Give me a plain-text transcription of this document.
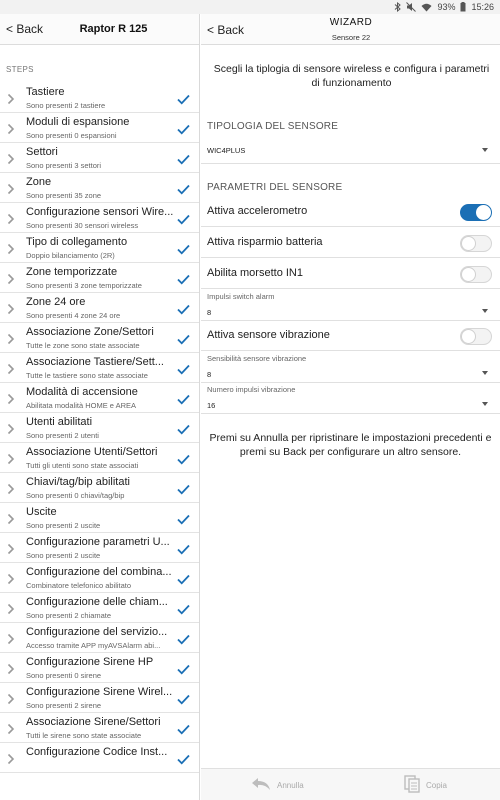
93% 15:26
< Back	Raptor R 125
STEPS
Tastiere
Sono presenti 2 tastiere
Moduli di espansione
Sono presenti 0 espansioni
Settori
Sono presenti 3 settori
Zone
Sono presenti 35 zone
Configurazione sensori Wire...
Sono presenti 30 sensori wireless
Tipo di collegamento
Doppio bilanciamento (2R)
Zone temporizzate
Sono presenti 3 zone temporizzate
Zone 24 ore
Sono presenti 4 zone 24 ore
Associazione Zone/Settori
Tutte le zone sono state associate
Associazione Tastiere/Sett...
Tutte le tastiere sono state associate
Modalità di accensione
Abilitata modalità HOME e AREA
Utenti abilitati
Sono presenti 2 utenti
Associazione Utenti/Settori
Tutti gli utenti sono state associati
Chiavi/tag/bip abilitati
Sono presenti 0 chiavi/tag/bip
Uscite
Sono presenti 2 uscite
Configurazione parametri U...
Sono presenti 2 uscite
Configurazione del combina...
Combinatore telefonico abilitato
Configurazione delle chiam...
Sono presenti 2 chiamate
Configurazione del servizio...
Accesso tramite APP myAVSAlarm abi...
Configurazione Sirene HP
Sono presenti 0 sirene
Configurazione Sirene Wirel...
Sono presenti 2 sirene
Associazione Sirene/Settori
Tutti le sirene sono state associate
Configurazione Codice Inst...
< Back
WIZARD
Sensore 22
Scegli la tiplogia di sensore wireless e configura i parametri di funzionamento
TIPOLOGIA DEL SENSORE
WIC4PLUS
PARAMETRI DEL SENSORE
Attiva accelerometro
Attiva risparmio batteria
Abilita morsetto IN1
Impulsi switch alarm
8
Attiva sensore vibrazione
Sensibilità sensore vibrazione
8
Numero impulsi vibrazione
16
Premi su Annulla per ripristinare le impostazioni precedenti e premi su Back per configurare un altro sensore.
Annulla	Copia
